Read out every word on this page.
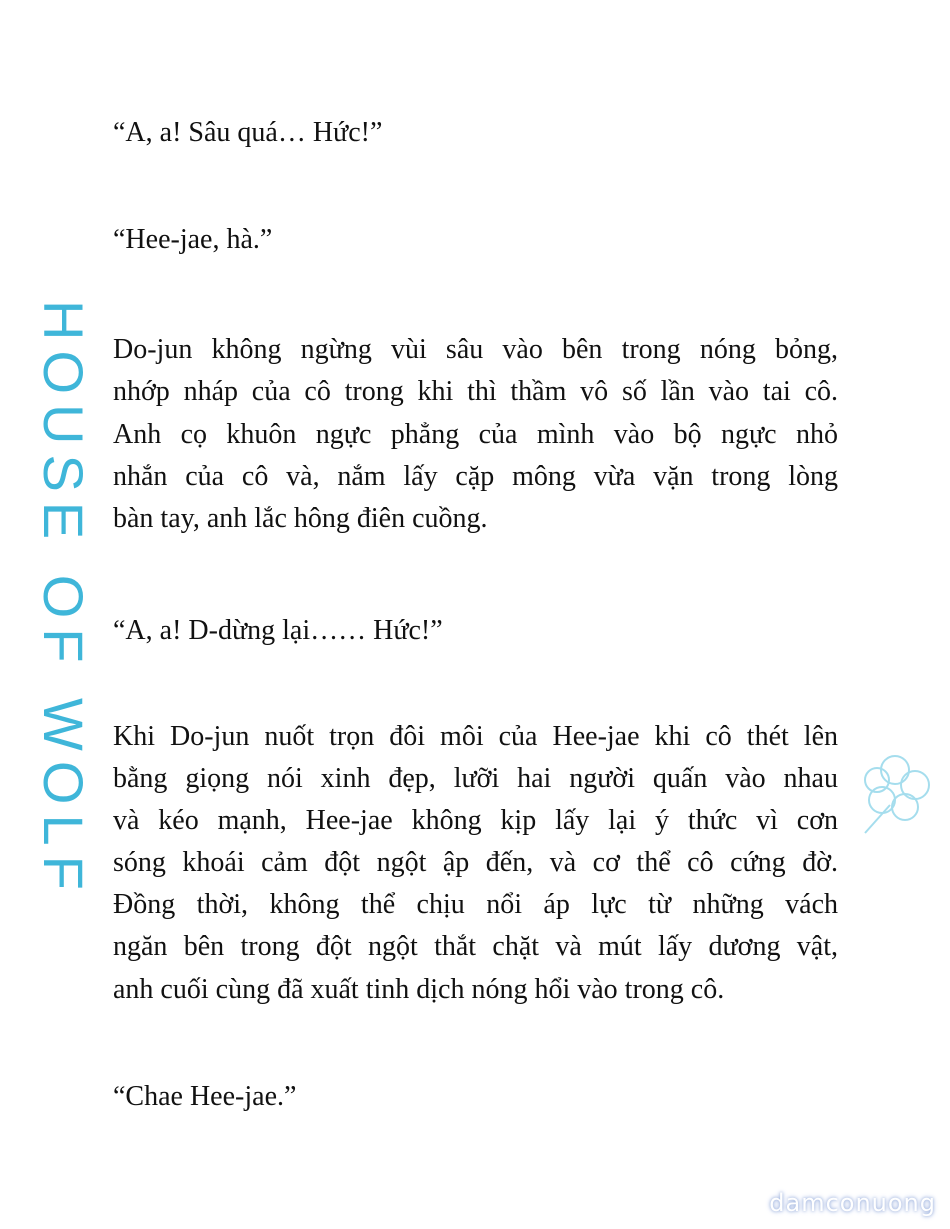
HOUSE OF WOLF
“A, a! Sâu quá… Hức!”
“Hee-jae, hà.”
Do-jun không ngừng vùi sâu vào bên trong nóng bỏng,
nhớp nháp của cô trong khi thì thầm vô số lần vào tai cô.
Anh cọ khuôn ngực phẳng của mình vào bộ ngực nhỏ
nhắn của cô và, nắm lấy cặp mông vừa vặn trong lòng
bàn tay, anh lắc hông điên cuồng.
“A, a! D-dừng lại…… Hức!”
Khi Do-jun nuốt trọn đôi môi của Hee-jae khi cô thét lên
bằng giọng nói xinh đẹp, lưỡi hai người quấn vào nhau
và kéo mạnh, Hee-jae không kịp lấy lại ý thức vì cơn
sóng khoái cảm đột ngột ập đến, và cơ thể cô cứng đờ.
Đồng thời, không thể chịu nổi áp lực từ những vách
ngăn bên trong đột ngột thắt chặt và mút lấy dương vật,
anh cuối cùng đã xuất tinh dịch nóng hổi vào trong cô.
“Chae Hee-jae.”
damconuong
